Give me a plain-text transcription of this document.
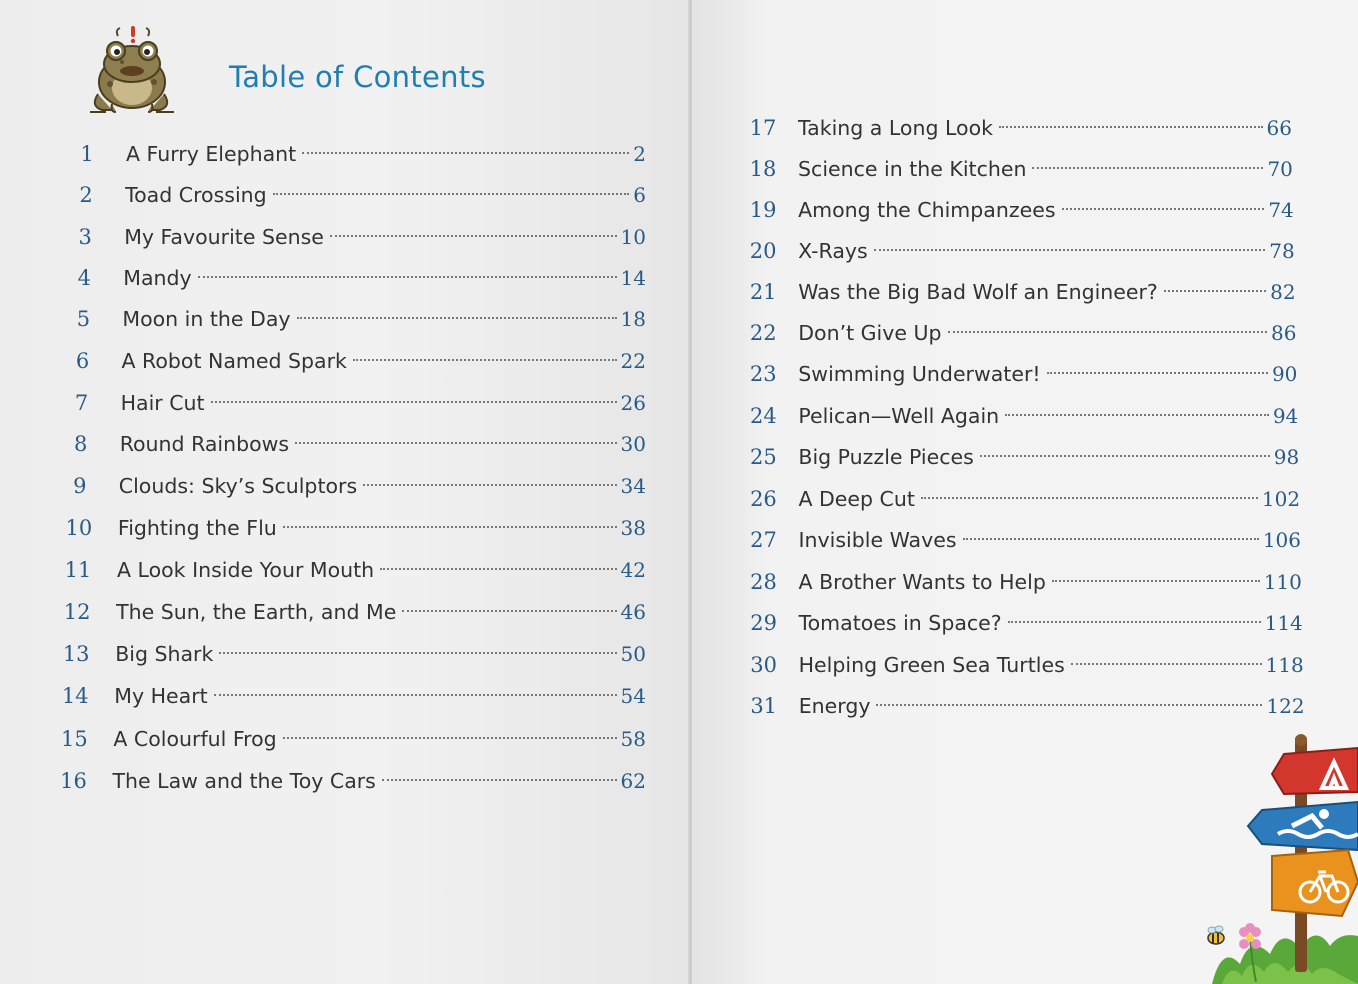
Table of Contents
1	A Furry Elephant	2
2	Toad Crossing	6
3	My Favourite Sense	10
4	Mandy	14
5	Moon in the Day	18
6	A Robot Named Spark	22
7	Hair Cut	26
8	Round Rainbows	30
9	Clouds: Sky’s Sculptors	34
10 Fighting the Flu	38
11 A Look Inside Your Mouth	42
12 The Sun, the Earth, and Me	46
13 Big Shark	50
14 My Heart	54
15 A Colourful Frog	58
16 The Law and the Toy Cars	62
17 Taking a Long Look	66
18 Science in the Kitchen	70
19 Among the Chimpanzees	74
20 X-Rays	78
21 Was the Big Bad Wolf an Engineer?	82
22 Don’t Give Up	86
23 Swimming Underwater!	90
24 Pelican—Well Again	94
25 Big Puzzle Pieces	98
26 A Deep Cut	102
27 Invisible Waves	106
28 A Brother Wants to Help	110
29 Tomatoes in Space?	114
30 Helping Green Sea Turtles	118
31 Energy	122
